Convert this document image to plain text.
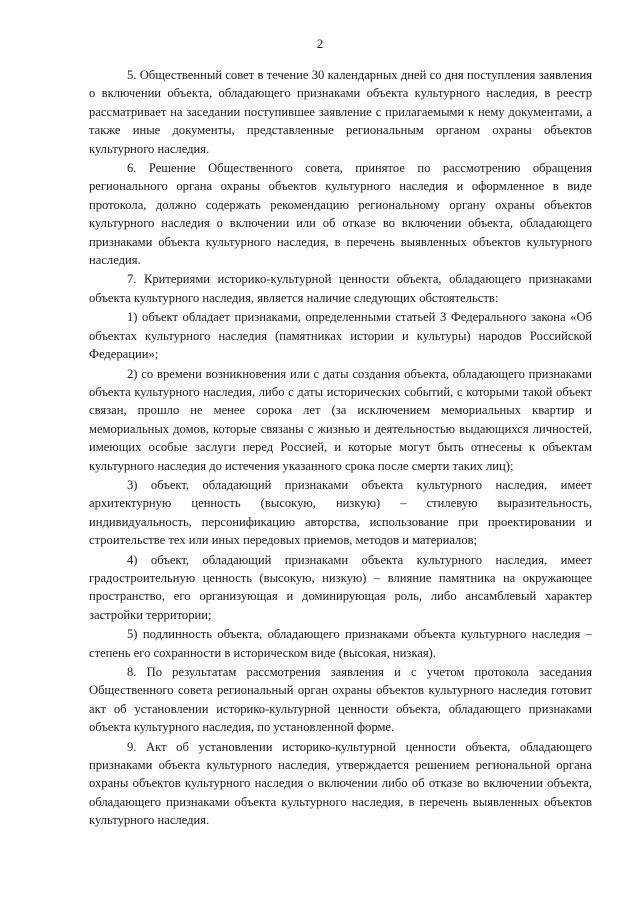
2

5. Общественный совет в течение 30 календарных дней со дня поступления заявления о включении объекта, обладающего признаками объекта культурного наследия, в реестр рассматривает на заседании поступившее заявление с прилагаемыми к нему документами, а также иные документы, представленные региональным органом охраны объектов культурного наследия.

6. Решение Общественного совета, принятое по рассмотрению обращения регионального органа охраны объектов культурного наследия и оформленное в виде протокола, должно содержать рекомендацию региональному органу охраны объектов культурного наследия о включении или об отказе во включении объекта, обладающего признаками объекта культурного наследия, в перечень выявленных объектов культурного наследия.

7. Критериями историко-культурной ценности объекта, обладающего признаками объекта культурного наследия, является наличие следующих обстоятельств:

1) объект обладает признаками, определенными статьей 3 Федерального закона «Об объектах культурного наследия (памятниках истории и культуры) народов Российской Федерации»;

2) со времени возникновения или с даты создания объекта, обладающего признаками объекта культурного наследия, либо с даты исторических событий, с которыми такой объект связан, прошло не менее сорока лет (за исключением мемориальных квартир и мемориальных домов, которые связаны с жизнью и деятельностью выдающихся личностей, имеющих особые заслуги перед Россией, и которые могут быть отнесены к объектам культурного наследия до истечения указанного срока после смерти таких лиц);

3) объект, обладающий признаками объекта культурного наследия, имеет архитектурную ценность (высокую, низкую) – стилевую выразительность, индивидуальность, персонификацию авторства, использование при проектировании и строительстве тех или иных передовых приемов, методов и материалов;

4) объект, обладающий признаками объекта культурного наследия, имеет градостроительную ценность (высокую, низкую) – влияние памятника на окружающее пространство, его организующая и доминирующая роль, либо ансамблевый характер застройки территории;

5) подлинность объекта, обладающего признаками объекта культурного наследия – степень его сохранности в историческом виде (высокая, низкая).

8. По результатам рассмотрения заявления и с учетом протокола заседания Общественного совета региональный орган охраны объектов культурного наследия готовит акт об установлении историко-культурной ценности объекта, обладающего признаками объекта культурного наследия, по установленной форме.

9. Акт об установлении историко-культурной ценности объекта, обладающего признаками объекта культурного наследия, утверждается решением региональной органа охраны объектов культурного наследия о включении либо об отказе во включении объекта, обладающего признаками объекта культурного наследия, в перечень выявленных объектов культурного наследия.
